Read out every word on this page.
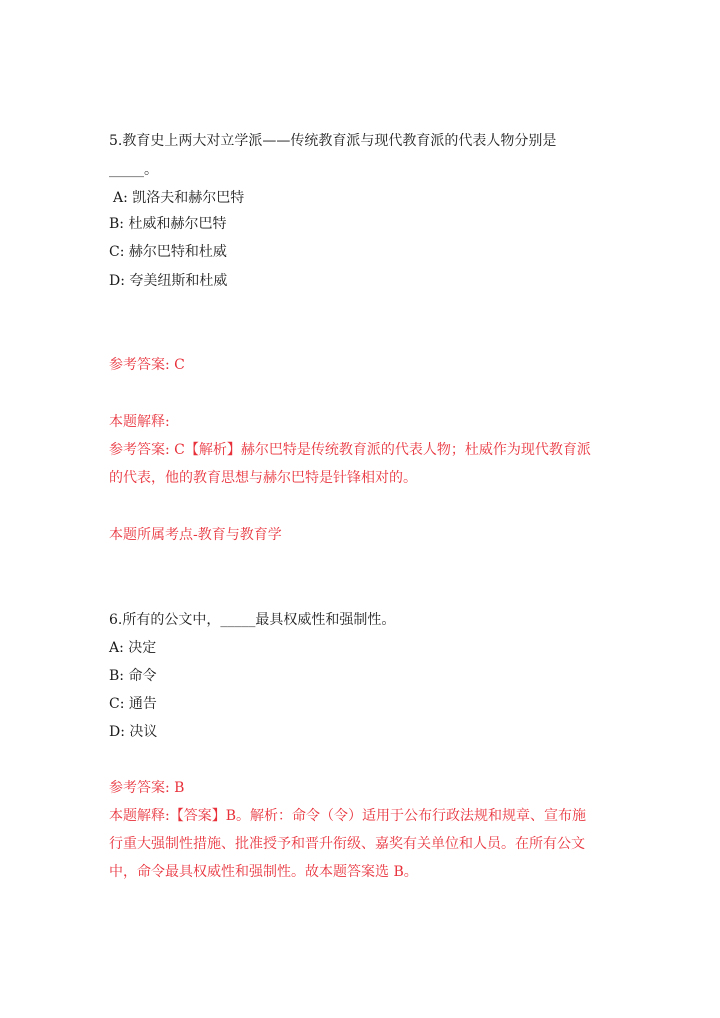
5.教育史上两大对立学派——传统教育派与现代教育派的代表人物分别是
_____。
A: 凯洛夫和赫尔巴特
B: 杜威和赫尔巴特
C: 赫尔巴特和杜威
D: 夸美纽斯和杜威
参考答案: C
本题解释:
参考答案: C【解析】赫尔巴特是传统教育派的代表人物；杜威作为现代教育派
的代表，他的教育思想与赫尔巴特是针锋相对的。
本题所属考点-教育与教育学
6.所有的公文中，_____最具权威性和强制性。
A: 决定
B: 命令
C: 通告
D: 决议
参考答案: B
本题解释:【答案】B。解析：命令（令）适用于公布行政法规和规章、宣布施
行重大强制性措施、批准授予和晋升衔级、嘉奖有关单位和人员。在所有公文
中，命令最具权威性和强制性。故本题答案选 B。
